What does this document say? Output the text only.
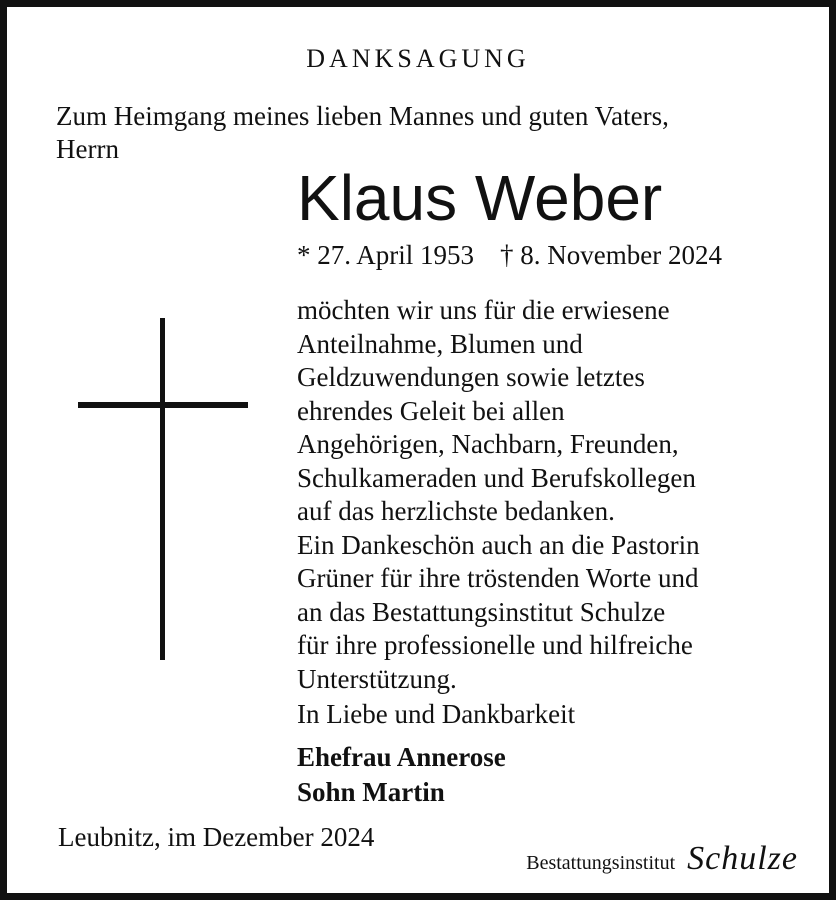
DANKSAGUNG
Zum Heimgang meines lieben Mannes und guten Vaters,
Herrn
Klaus Weber
* 27. April 1953 † 8. November 2024
möchten wir uns für die erwiesene
Anteilnahme, Blumen und
Geldzuwendungen sowie letztes
ehrendes Geleit bei allen
Angehörigen, Nachbarn, Freunden,
Schulkameraden und Berufskollegen
auf das herzlichste bedanken.
Ein Dankeschön auch an die Pastorin
Grüner für ihre tröstenden Worte und
an das Bestattungsinstitut Schulze
für ihre professionelle und hilfreiche
Unterstützung.
In Liebe und Dankbarkeit
Ehefrau Annerose
Sohn Martin
Leubnitz, im Dezember 2024
Bestattungsinstitut Schulze
